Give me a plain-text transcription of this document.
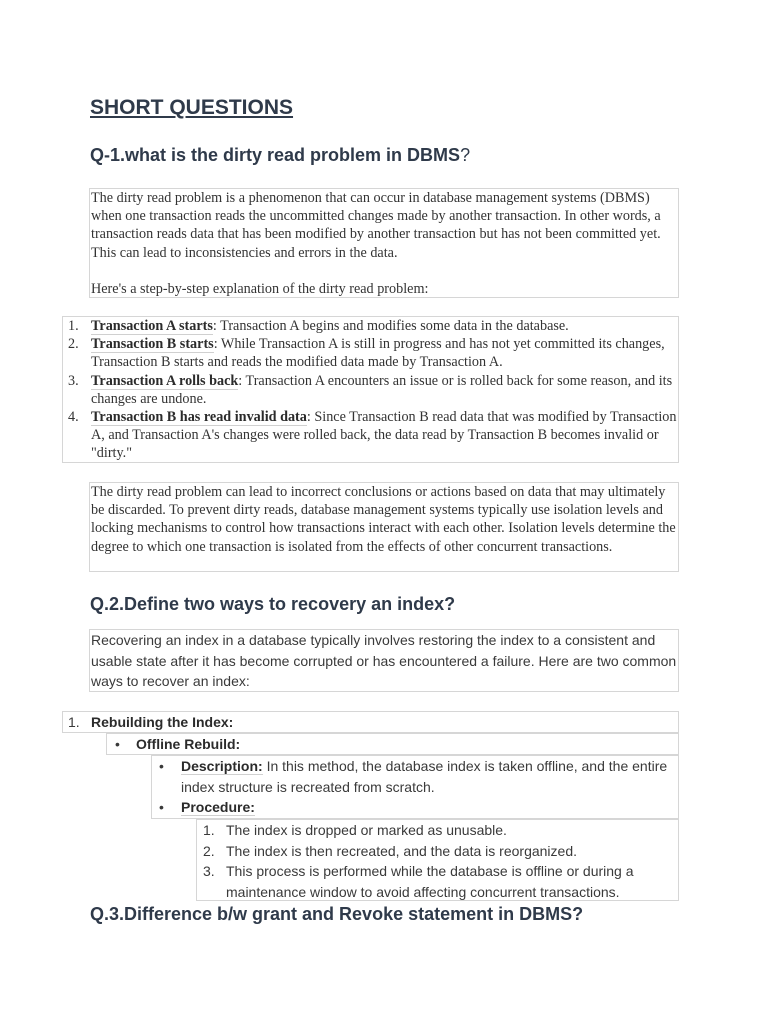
SHORT QUESTIONS
Q-1.what is the dirty read problem in DBMS?

The dirty read problem is a phenomenon that can occur in database management systems (DBMS) when one transaction reads the uncommitted changes made by another transaction. In other words, a transaction reads data that has been modified by another transaction but has not been committed yet. This can lead to inconsistencies and errors in the data.

Here's a step-by-step explanation of the dirty read problem:

1. Transaction A starts: Transaction A begins and modifies some data in the database.
2. Transaction B starts: While Transaction A is still in progress and has not yet committed its changes, Transaction B starts and reads the modified data made by Transaction A.
3. Transaction A rolls back: Transaction A encounters an issue or is rolled back for some reason, and its changes are undone.
4. Transaction B has read invalid data: Since Transaction B read data that was modified by Transaction A, and Transaction A's changes were rolled back, the data read by Transaction B becomes invalid or "dirty."

The dirty read problem can lead to incorrect conclusions or actions based on data that may ultimately be discarded. To prevent dirty reads, database management systems typically use isolation levels and locking mechanisms to control how transactions interact with each other. Isolation levels determine the degree to which one transaction is isolated from the effects of other concurrent transactions.

Q.2.Define two ways to recovery an index?

Recovering an index in a database typically involves restoring the index to a consistent and usable state after it has become corrupted or has encountered a failure. Here are two common ways to recover an index:

1. Rebuilding the Index:
• Offline Rebuild:
• Description: In this method, the database index is taken offline, and the entire index structure is recreated from scratch.
• Procedure:
1. The index is dropped or marked as unusable.
2. The index is then recreated, and the data is reorganized.
3. This process is performed while the database is offline or during a maintenance window to avoid affecting concurrent transactions.
Q.3.Difference b/w grant and Revoke statement in DBMS?
